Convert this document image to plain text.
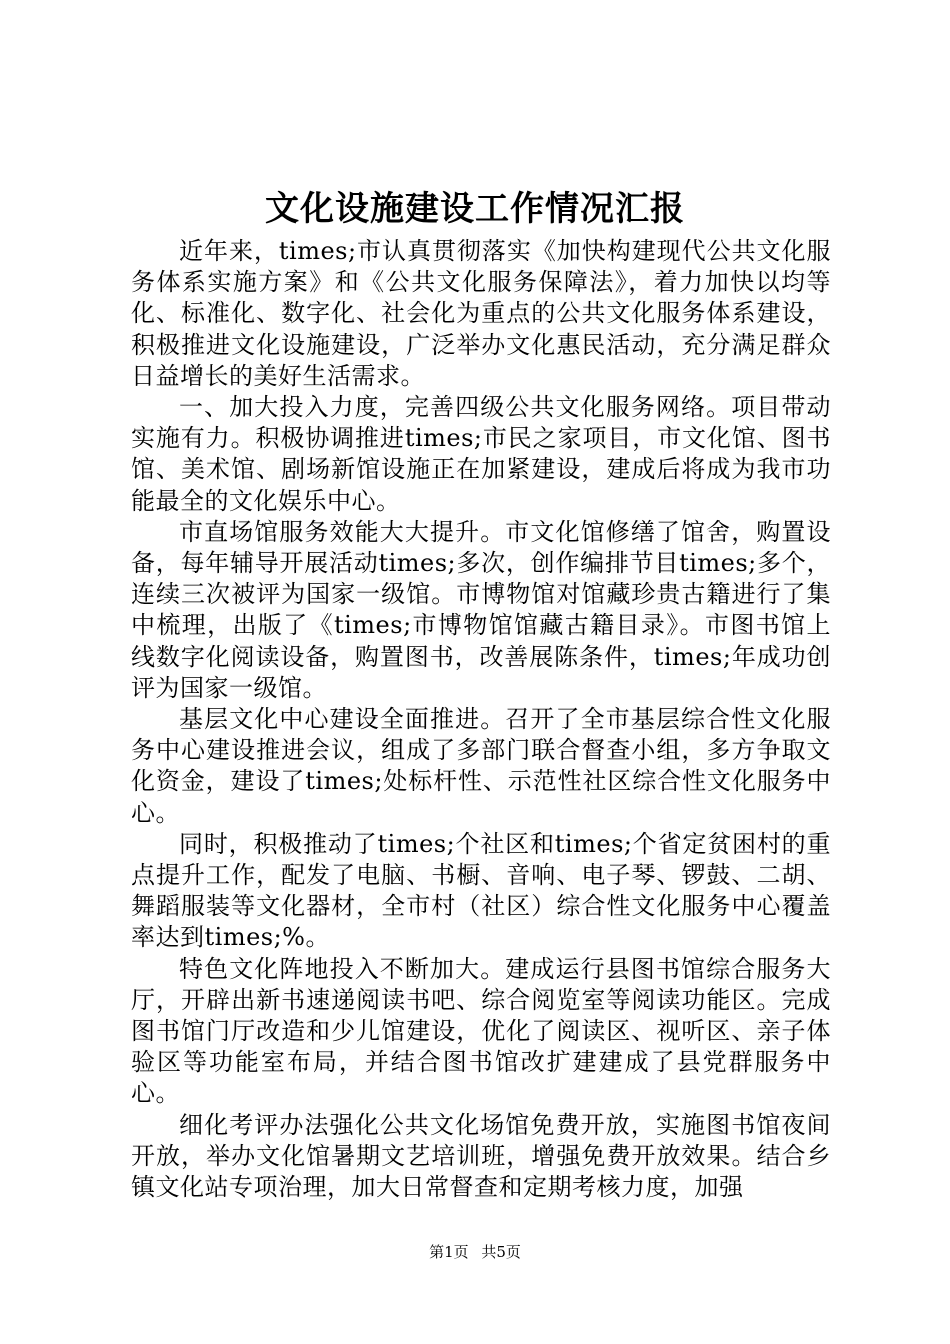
文化设施建设工作情况汇报

近年来，times;市认真贯彻落实《加快构建现代公共文化服务体系实施方案》和《公共文化服务保障法》，着力加快以均等化、标准化、数字化、社会化为重点的公共文化服务体系建设，积极推进文化设施建设，广泛举办文化惠民活动，充分满足群众日益增长的美好生活需求。

一、加大投入力度，完善四级公共文化服务网络。项目带动实施有力。积极协调推进times;市民之家项目，市文化馆、图书馆、美术馆、剧场新馆设施正在加紧建设，建成后将成为我市功能最全的文化娱乐中心。

市直场馆服务效能大大提升。市文化馆修缮了馆舍，购置设备，每年辅导开展活动times;多次，创作编排节目times;多个，连续三次被评为国家一级馆。市博物馆对馆藏珍贵古籍进行了集中梳理，出版了《times;市博物馆馆藏古籍目录》。市图书馆上线数字化阅读设备，购置图书，改善展陈条件，times;年成功创评为国家一级馆。

基层文化中心建设全面推进。召开了全市基层综合性文化服务中心建设推进会议，组成了多部门联合督查小组，多方争取文化资金，建设了times;处标杆性、示范性社区综合性文化服务中心。

同时，积极推动了times;个社区和times;个省定贫困村的重点提升工作，配发了电脑、书橱、音响、电子琴、锣鼓、二胡、舞蹈服装等文化器材，全市村（社区）综合性文化服务中心覆盖率达到times;%。

特色文化阵地投入不断加大。建成运行县图书馆综合服务大厅，开辟出新书速递阅读书吧、综合阅览室等阅读功能区。完成图书馆门厅改造和少儿馆建设，优化了阅读区、视听区、亲子体验区等功能室布局，并结合图书馆改扩建建成了县党群服务中心。

细化考评办法强化公共文化场馆免费开放，实施图书馆夜间开放，举办文化馆暑期文艺培训班，增强免费开放效果。结合乡镇文化站专项治理，加大日常督查和定期考核力度，加强

第1页 共5页
